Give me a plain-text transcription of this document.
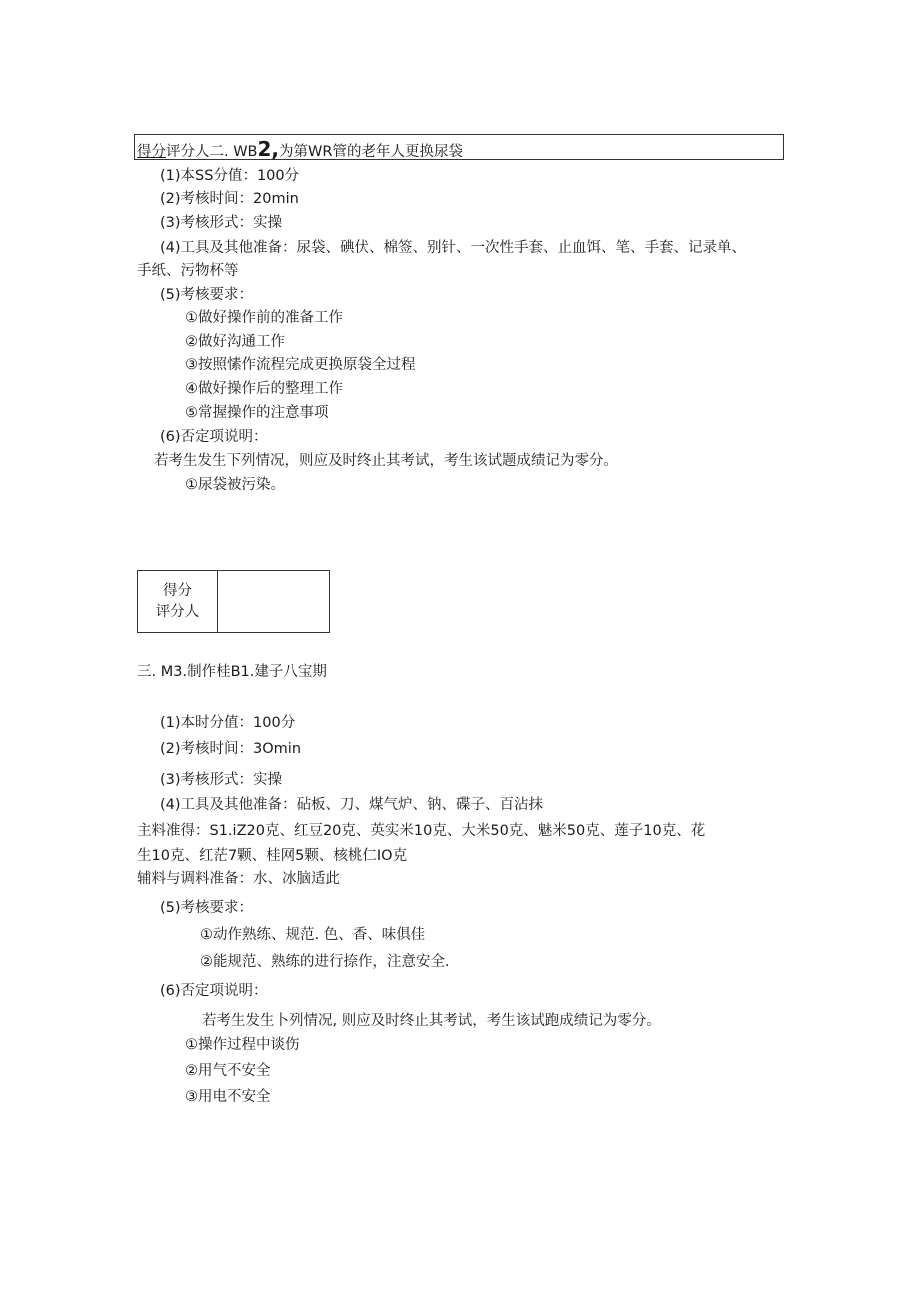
得分评分人二. WB2,为第WR管的老年人更换尿袋
(1)本SS分值：100分
(2)考核时间：20min
(3)考核形式：实操
(4)工具及其他准备：尿袋、碘伏、棉签、别针、一次性手套、止血饵、笔、手套、记录单、
手纸、污物杯等
(5)考核要求：
①做好操作前的准备工作
②做好沟通工作
③按照愫作流程完成更换原袋全过程
④做好操作后的整理工作
⑤常握操作的注意事项
(6)否定项说明：
若考生发生下列情况，则应及时终止其考试，考生该试题成绩记为零分。
①尿袋被污染。
得分
评分人
三. M3.制作桂B1.建子八宝期
(1)本时分值：100分
(2)考核时间：3Omin
(3)考核形式：实操
(4)工具及其他准备：砧板、刀、煤气炉、钠、碟子、百沾抹
主料准得：S1.iZ20克、红豆20克、英实米10克、大米50克、魅米50克、莲子10克、花
生10克、红茫7颗、桂网5颗、核桃仁IO克
辅料与调料准备：水、冰脑适此
(5)考核要求：
①动作熟练、规范. 色、香、味俱佳
②能规范、熟练的进行捺作，注意安全.
(6)否定项说明：
若考生发生卜列情况, 则应及时终止其考试，考生该试跑成绩记为零分。
①操作过程中谈伤
②用气不安全
③用电不安全
